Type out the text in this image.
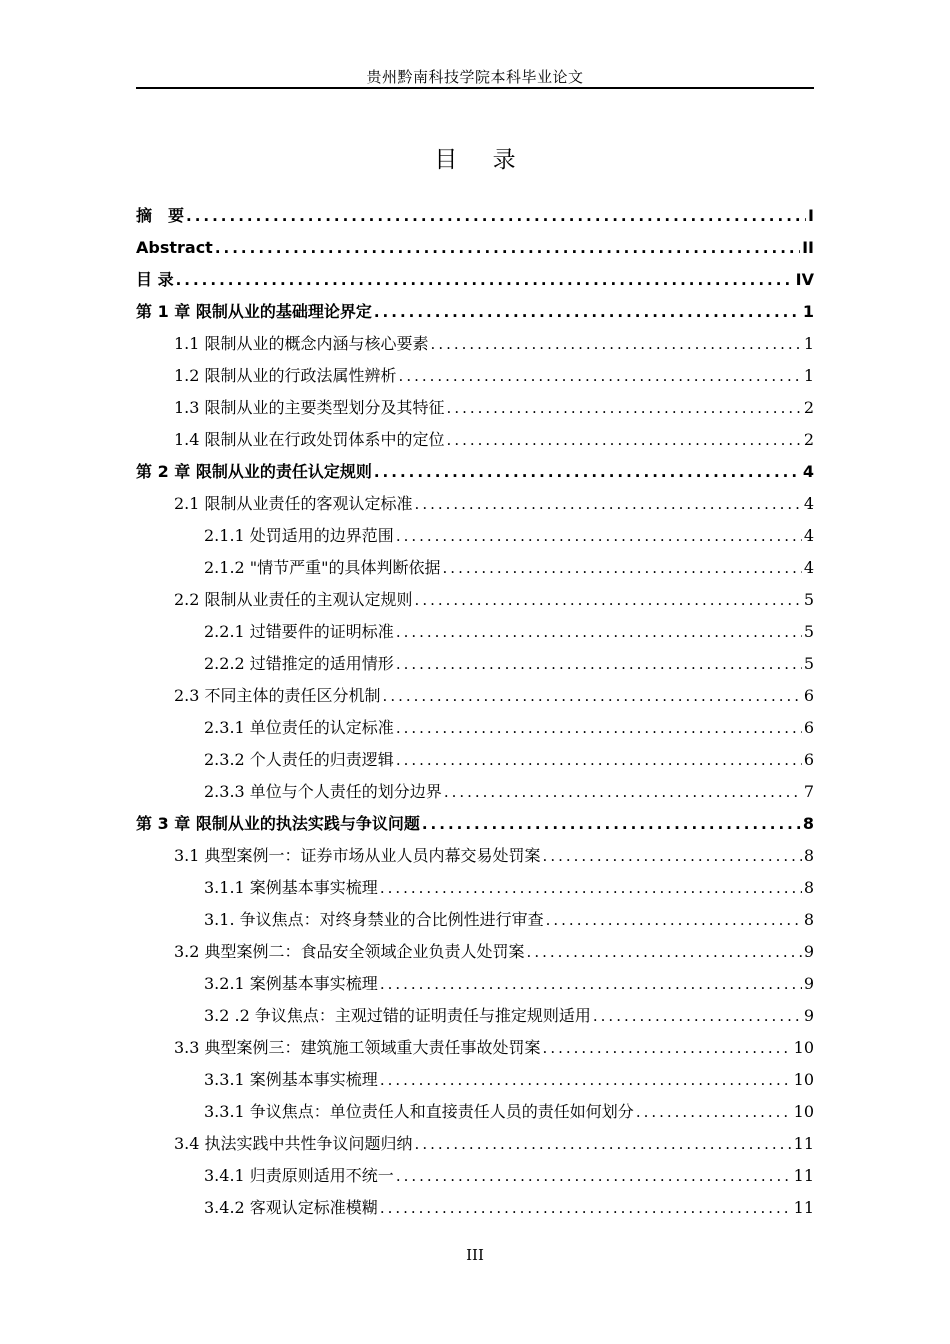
贵州黔南科技学院本科毕业论文
目 录
摘　要 .....	I
Abstract .....	II
目 录 .....	IV
第 1 章 限制从业的基础理论界定 .....	1
1.1 限制从业的概念内涵与核心要素 .....	1
1.2 限制从业的行政法属性辨析 .....	1
1.3 限制从业的主要类型划分及其特征 .....	2
1.4 限制从业在行政处罚体系中的定位 .....	2
第 2 章 限制从业的责任认定规则 .....	4
2.1 限制从业责任的客观认定标准 .....	4
2.1.1 处罚适用的边界范围 .....	4
2.1.2 "情节严重"的具体判断依据 .....	4
2.2 限制从业责任的主观认定规则 .....	5
2.2.1 过错要件的证明标准 .....	5
2.2.2 过错推定的适用情形 .....	5
2.3 不同主体的责任区分机制 .....	6
2.3.1 单位责任的认定标准 .....	6
2.3.2 个人责任的归责逻辑 .....	6
2.3.3 单位与个人责任的划分边界 .....	7
第 3 章 限制从业的执法实践与争议问题 .....	8
3.1 典型案例一：证券市场从业人员内幕交易处罚案 .....	8
3.1.1 案例基本事实梳理 .....	8
3.1. 争议焦点：对终身禁业的合比例性进行审查 .....	8
3.2 典型案例二：食品安全领域企业负责人处罚案 .....	9
3.2.1 案例基本事实梳理 .....	9
3.2 .2 争议焦点：主观过错的证明责任与推定规则适用 .....	9
3.3 典型案例三：建筑施工领域重大责任事故处罚案 .....	10
3.3.1 案例基本事实梳理 .....	10
3.3.1 争议焦点：单位责任人和直接责任人员的责任如何划分 .....	10
3.4 执法实践中共性争议问题归纳 .....	11
3.4.1 归责原则适用不统一 .....	11
3.4.2 客观认定标准模糊 .....	11
III
